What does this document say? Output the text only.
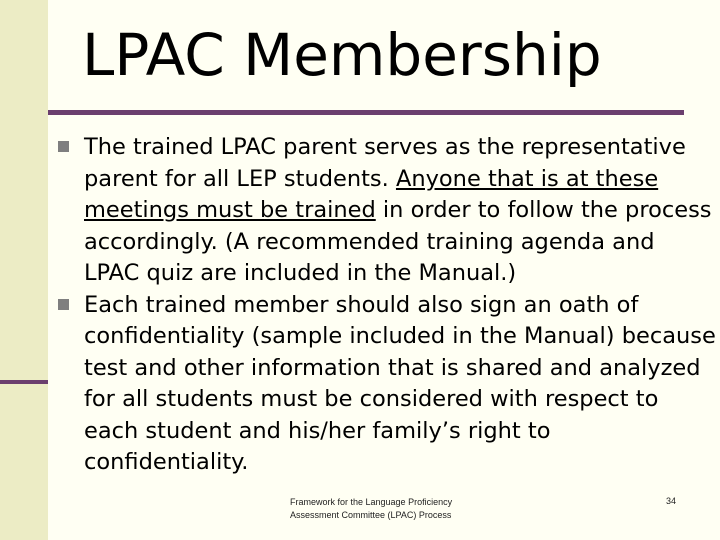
LPAC Membership
The trained LPAC parent serves as the representative parent for all LEP students. Anyone that is at these meetings must be trained in order to follow the process accordingly. (A recommended training agenda and LPAC quiz are included in the Manual.)
Each trained member should also sign an oath of confidentiality (sample included in the Manual) because test and other information that is shared and analyzed for all students must be considered with respect to each student and his/her family’s right to confidentiality.
Framework for the Language Proficiency
Assessment Committee (LPAC) Process
34
